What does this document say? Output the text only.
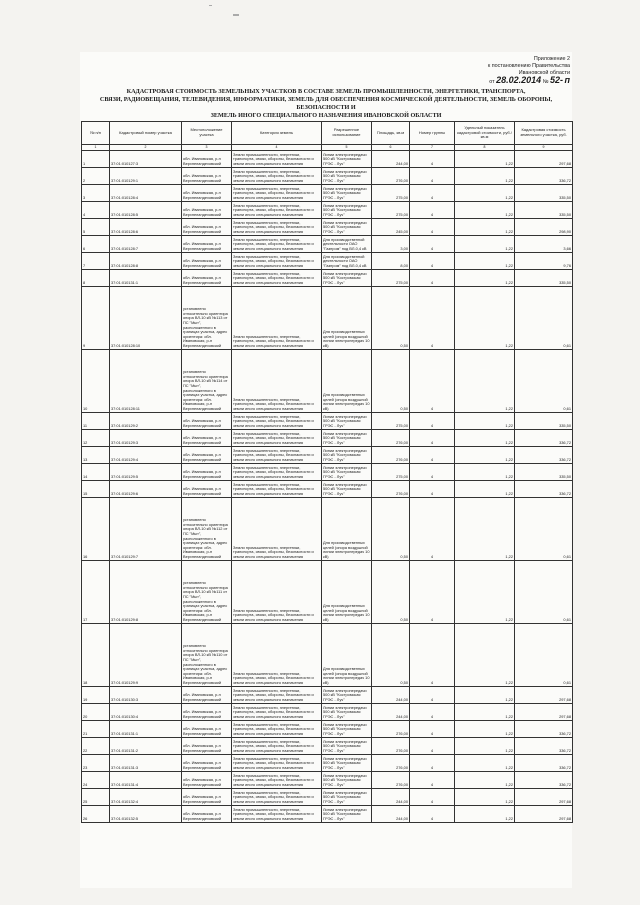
Приложение 2
к постановлению Правительства
Ивановской области
от 28.02.2014 № 52- п
КАДАСТРОВАЯ СТОИМОСТЬ ЗЕМЕЛЬНЫХ УЧАСТКОВ В СОСТАВЕ ЗЕМЕЛЬ ПРОМЫШЛЕННОСТИ, ЭНЕРГЕТИКИ, ТРАНСПОРТА,
СВЯЗИ, РАДИОВЕЩАНИЯ, ТЕЛЕВИДЕНИЯ, ИНФОРМАТИКИ, ЗЕМЕЛЬ ДЛЯ ОБЕСПЕЧЕНИЯ КОСМИЧЕСКОЙ ДЕЯТЕЛЬНОСТИ, ЗЕМЕЛЬ ОБОРОНЫ, БЕЗОПАСНОСТИ И
ЗЕМЕЛЬ ИНОГО СПЕЦИАЛЬНОГО НАЗНАЧЕНИЯ ИВАНОВСКОЙ ОБЛАСТИ
№ п/п	Кадастровый номер участка	Местоположение участка	Категория земель	Разрешенное использование	Площадь, кв.м	Номер группы	Удельный показатель кадастровой стоимости, руб./кв.м	Кадастровая стоимость земельного участка, руб.
1	2	3	4	5	6	7	8	9
1	37:01:010127:3	обл. Ивановская, р-н Верхнеландеховский	Земли промышленности, энергетики, транспорта, связи, обороны, безопасности и земли иного специального назначения	Линии электропередачи 500 кВ "Костромская ГРЭС - Луч"	244,00	4	1,22	297,68
2	37:01:010129:1	обл. Ивановская, р-н Верхнеландеховский	Земли промышленности, энергетики, транспорта, связи, обороны, безопасности и земли иного специального назначения	Линии электропередачи 500 кВ "Костромская ГРЭС - Луч"	276,00	4	1,22	336,72
3	37:01:010128:4	обл. Ивановская, р-н Верхнеландеховский	Земли промышленности, энергетики, транспорта, связи, обороны, безопасности и земли иного специального назначения	Линии электропередачи 500 кВ "Костромская ГРЭС - Луч"	275,00	4	1,22	335,50
4	37:01:010128:5	обл. Ивановская, р-н Верхнеландеховский	Земли промышленности, энергетики, транспорта, связи, обороны, безопасности и земли иного специального назначения	Линии электропередачи 500 кВ "Костромская ГРЭС - Луч"	275,00	4	1,22	335,50
5	37:01:010128:6	обл. Ивановская, р-н Верхнеландеховский	Земли промышленности, энергетики, транспорта, связи, обороны, безопасности и земли иного специального назначения	Линии электропередачи 500 кВ "Костромская ГРЭС - Луч"	245,00	4	1,22	298,90
6	37:01:010128:7	обл. Ивановская, р-н Верхнеландеховский	Земли промышленности, энергетики, транспорта, связи, обороны, безопасности и земли иного специального назначения	Для производственной деятельности ОАО "Газпром" под ВЛ-0,4 кВ	3,00	4	1,22	3,66
7	37:01:010128:8	обл. Ивановская, р-н Верхнеландеховский	Земли промышленности, энергетики, транспорта, связи, обороны, безопасности и земли иного специального назначения	Для производственной деятельности ОАО "Газпром" под ВЛ-0,4 кВ	8,00	4	1,22	9,76
8	37:01:010131:1	обл. Ивановская, р-н Верхнеландеховский	Земли промышленности, энергетики, транспорта, связи, обороны, безопасности и земли иного специального назначения	Линии электропередачи 500 кВ "Костромская ГРЭС - Луч"	275,00	4	1,22	335,50
9	37:01:010128:10	установлено относительно ориентира опора ВЛ-10 кВ №113 от ПС "Мыт", расположенного в границах участка, адрес ориентира: обл. Ивановская, р-н Верхнеландеховский	Земли промышленности, энергетики, транспорта, связи, обороны, безопасности и земли иного специального назначения	Для производственных целей (опора воздушной линии электропередач 10 кВ)	0,50	4	1,22	0,61
10	37:01:010128:11	установлено относительно ориентира опора ВЛ-10 кВ №114 от ПС "Мыт", расположенного в границах участка, адрес ориентира: обл. Ивановская, р-н Верхнеландеховский	Земли промышленности, энергетики, транспорта, связи, обороны, безопасности и земли иного специального назначения	Для производственных целей (опора воздушной линии электропередач 10 кВ)	0,50	4	1,22	0,61
11	37:01:010129:2	обл. Ивановская, р-н Верхнеландеховский	Земли промышленности, энергетики, транспорта, связи, обороны, безопасности и земли иного специального назначения	Линии электропередачи 500 кВ "Костромская ГРЭС - Луч"	275,00	4	1,22	335,50
12	37:01:010129:3	обл. Ивановская, р-н Верхнеландеховский	Земли промышленности, энергетики, транспорта, связи, обороны, безопасности и земли иного специального назначения	Линии электропередачи 500 кВ "Костромская ГРЭС - Луч"	276,00	4	1,22	336,72
13	37:01:010129:4	обл. Ивановская, р-н Верхнеландеховский	Земли промышленности, энергетики, транспорта, связи, обороны, безопасности и земли иного специального назначения	Линии электропередачи 500 кВ "Костромская ГРЭС - Луч"	276,00	4	1,22	336,72
14	37:01:010129:5	обл. Ивановская, р-н Верхнеландеховский	Земли промышленности, энергетики, транспорта, связи, обороны, безопасности и земли иного специального назначения	Линии электропередачи 500 кВ "Костромская ГРЭС - Луч"	275,00	4	1,22	335,50
15	37:01:010129:6	обл. Ивановская, р-н Верхнеландеховский	Земли промышленности, энергетики, транспорта, связи, обороны, безопасности и земли иного специального назначения	Линии электропередачи 500 кВ "Костромская ГРЭС - Луч"	276,00	4	1,22	336,72
16	37:01:010129:7	установлено относительно ориентира опора ВЛ-10 кВ №112 от ПС "Мыт", расположенного в границах участка, адрес ориентира: обл. Ивановская, р-н Верхнеландеховский	Земли промышленности, энергетики, транспорта, связи, обороны, безопасности и земли иного специального назначения	Для производственных целей (опора воздушной линии электропередач 10 кВ)	0,50	4	1,22	0,61
17	37:01:010129:8	установлено относительно ориентира опора ВЛ-10 кВ №111 от ПС "Мыт", расположенного в границах участка, адрес ориентира: обл. Ивановская, р-н Верхнеландеховский	Земли промышленности, энергетики, транспорта, связи, обороны, безопасности и земли иного специального назначения	Для производственных целей (опора воздушной линии электропередач 10 кВ)	0,50	4	1,22	0,61
18	37:01:010129:9	установлено относительно ориентира опора ВЛ-10 кВ №110 от ПС "Мыт", расположенного в границах участка, адрес ориентира: обл. Ивановская, р-н Верхнеландеховский	Земли промышленности, энергетики, транспорта, связи, обороны, безопасности и земли иного специального назначения	Для производственных целей (опора воздушной линии электропередач 10 кВ)	0,50	4	1,22	0,61
19	37:01:010130:3	обл. Ивановская, р-н Верхнеландеховский	Земли промышленности, энергетики, транспорта, связи, обороны, безопасности и земли иного специального назначения	Линии электропередачи 500 кВ "Костромская ГРЭС - Луч"	244,00	4	1,22	297,68
20	37:01:010130:4	обл. Ивановская, р-н Верхнеландеховский	Земли промышленности, энергетики, транспорта, связи, обороны, безопасности и земли иного специального назначения	Линии электропередачи 500 кВ "Костромская ГРЭС - Луч"	244,00	4	1,22	297,68
21	37:01:010131:1	обл. Ивановская, р-н Верхнеландеховский	Земли промышленности, энергетики, транспорта, связи, обороны, безопасности и земли иного специального назначения	Линии электропередачи 500 кВ "Костромская ГРЭС - Луч"	276,00	4	1,22	336,72
22	37:01:010131:2	обл. Ивановская, р-н Верхнеландеховский	Земли промышленности, энергетики, транспорта, связи, обороны, безопасности и земли иного специального назначения	Линии электропередачи 500 кВ "Костромская ГРЭС - Луч"	276,00	4	1,22	336,72
23	37:01:010131:3	обл. Ивановская, р-н Верхнеландеховский	Земли промышленности, энергетики, транспорта, связи, обороны, безопасности и земли иного специального назначения	Линии электропередачи 500 кВ "Костромская ГРЭС - Луч"	276,00	4	1,22	336,72
24	37:01:010131:4	обл. Ивановская, р-н Верхнеландеховский	Земли промышленности, энергетики, транспорта, связи, обороны, безопасности и земли иного специального назначения	Линии электропередачи 500 кВ "Костромская ГРЭС - Луч"	276,00	4	1,22	336,72
25	37:01:010132:4	обл. Ивановская, р-н Верхнеландеховский	Земли промышленности, энергетики, транспорта, связи, обороны, безопасности и земли иного специального назначения	Линии электропередачи 500 кВ "Костромская ГРЭС - Луч"	244,00	4	1,22	297,68
26	37:01:010132:5	обл. Ивановская, р-н Верхнеландеховский	Земли промышленности, энергетики, транспорта, связи, обороны, безопасности и земли иного специального назначения	Линии электропередачи 500 кВ "Костромская ГРЭС - Луч"	244,00	4	1,22	297,68
